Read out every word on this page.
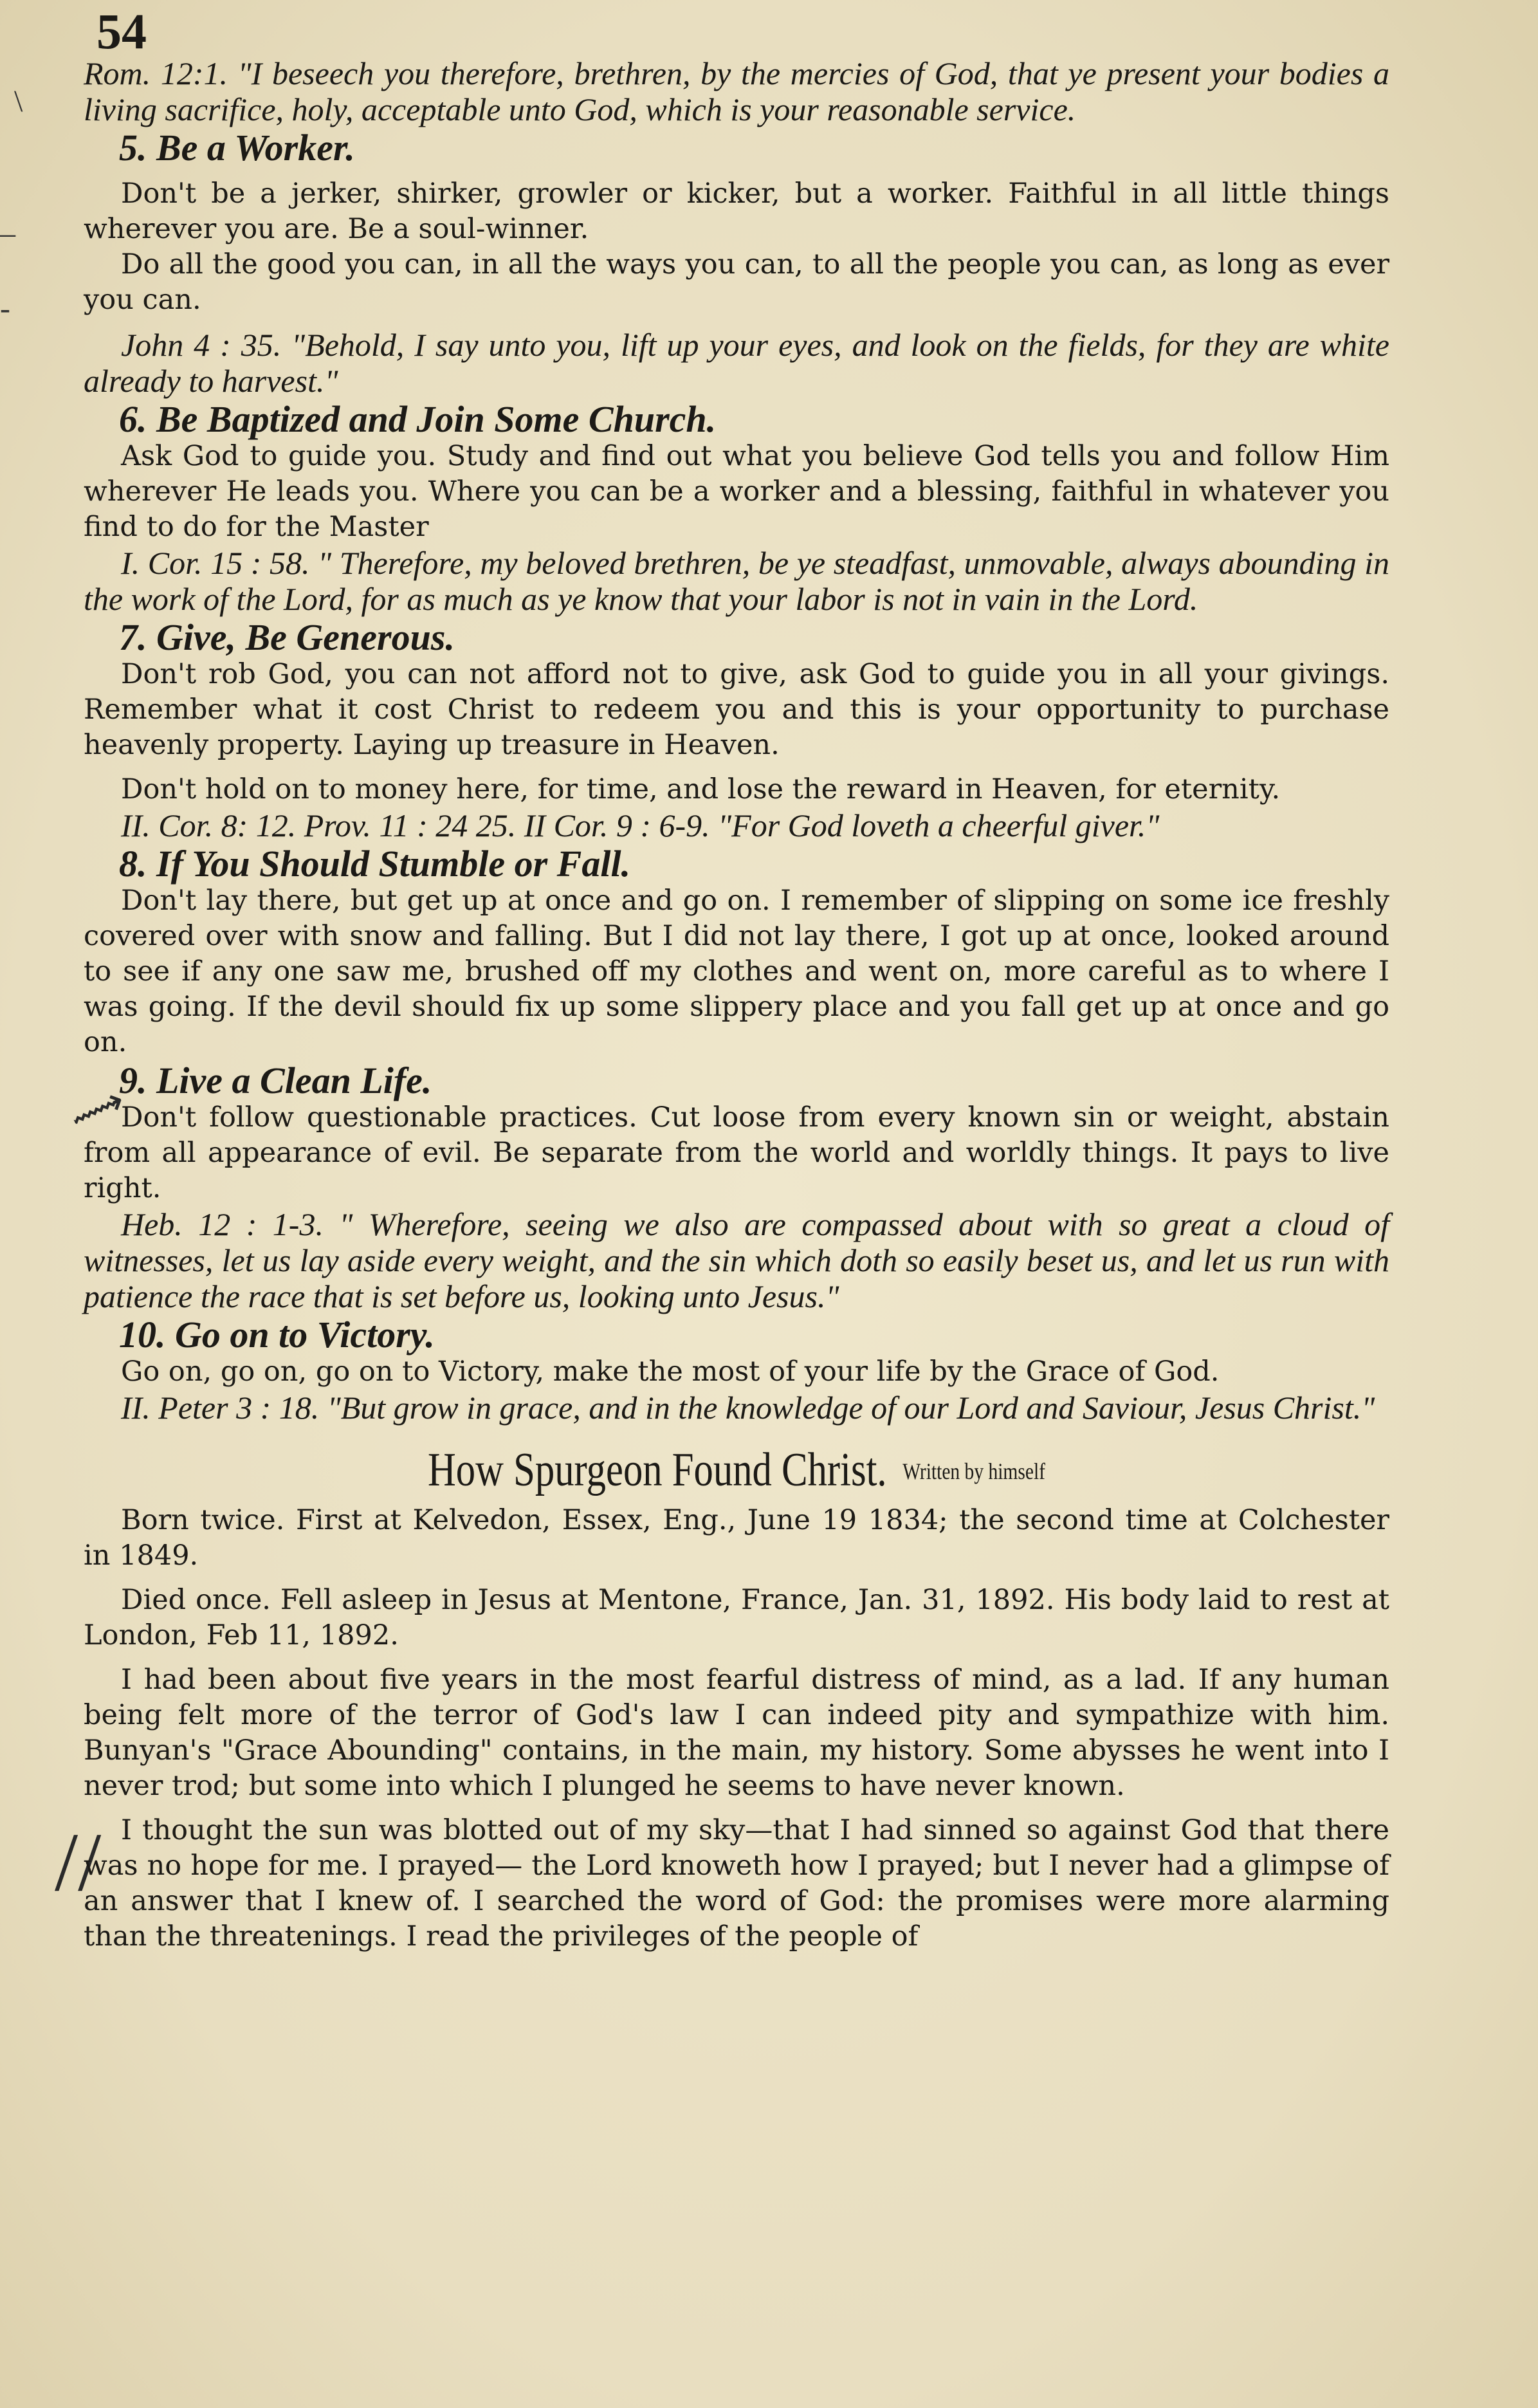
54
\
–
-
⟿
//

Rom. 12:1. "I beseech you therefore, brethren, by the mercies of God, that ye present your bodies a living sacrifice, holy, acceptable unto God, which is your reasonable service.

5. Be a Worker.

Don't be a jerker, shirker, growler or kicker, but a worker. Faithful in all little things wherever you are. Be a soul-winner.

Do all the good you can, in all the ways you can, to all the people you can, as long as ever you can.

John 4 : 35. "Behold, I say unto you, lift up your eyes, and look on the fields, for they are white already to harvest."

6. Be Baptized and Join Some Church.

Ask God to guide you. Study and find out what you believe God tells you and follow Him wherever He leads you. Where you can be a worker and a blessing, faithful in whatever you find to do for the Master

I. Cor. 15 : 58. " Therefore, my beloved brethren, be ye steadfast, unmovable, always abounding in the work of the Lord, for as much as ye know that your labor is not in vain in the Lord.

7. Give, Be Generous.

Don't rob God, you can not afford not to give, ask God to guide you in all your givings. Remember what it cost Christ to redeem you and this is your opportunity to purchase heavenly property. Laying up treasure in Heaven.

Don't hold on to money here, for time, and lose the reward in Heaven, for eternity.

II. Cor. 8: 12. Prov. 11 : 24 25. II Cor. 9 : 6-9. "For God loveth a cheerful giver."

8. If You Should Stumble or Fall.

Don't lay there, but get up at once and go on. I remember of slipping on some ice freshly covered over with snow and falling. But I did not lay there, I got up at once, looked around to see if any one saw me, brushed off my clothes and went on, more careful as to where I was going. If the devil should fix up some slippery place and you fall get up at once and go on.

9. Live a Clean Life.

Don't follow questionable practices. Cut loose from every known sin or weight, abstain from all appearance of evil. Be separate from the world and worldly things. It pays to live right.

Heb. 12 : 1-3. " Wherefore, seeing we also are compassed about with so great a cloud of witnesses, let us lay aside every weight, and the sin which doth so easily beset us, and let us run with patience the race that is set before us, looking unto Jesus."

10. Go on to Victory.

Go on, go on, go on to Victory, make the most of your life by the Grace of God.

II. Peter 3 : 18. "But grow in grace, and in the knowledge of our Lord and Saviour, Jesus Christ."

How Spurgeon Found Christ. Written by himself

Born twice. First at Kelvedon, Essex, Eng., June 19 1834; the second time at Colchester in 1849.

Died once. Fell asleep in Jesus at Mentone, France, Jan. 31, 1892. His body laid to rest at London, Feb 11, 1892.

I had been about five years in the most fearful distress of mind, as a lad. If any human being felt more of the terror of God's law I can indeed pity and sympathize with him. Bunyan's "Grace Abounding" contains, in the main, my history. Some abysses he went into I never trod; but some into which I plunged he seems to have never known.

I thought the sun was blotted out of my sky—that I had sinned so against God that there was no hope for me. I prayed— the Lord knoweth how I prayed; but I never had a glimpse of an answer that I knew of. I searched the word of God: the promises were more alarming than the threatenings. I read the privileges of the people of
